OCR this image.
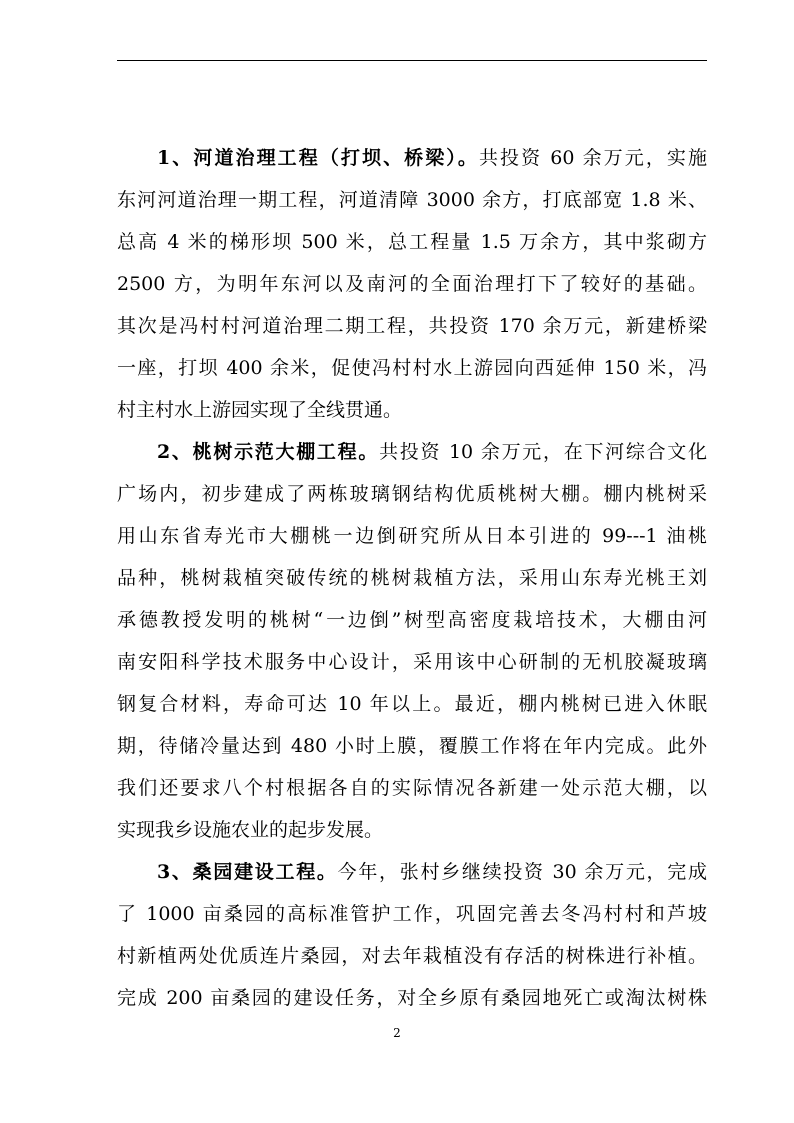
1、河道治理工程（打坝、桥梁）。共投资 60 余万元，实施
东河河道治理一期工程，河道清障 3000 余方，打底部宽 1.8 米、
总高 4 米的梯形坝 500 米，总工程量 1.5 万余方，其中浆砌方
2500 方，为明年东河以及南河的全面治理打下了较好的基础。
其次是冯村村河道治理二期工程，共投资 170 余万元，新建桥梁
一座，打坝 400 余米，促使冯村村水上游园向西延伸 150 米，冯
村主村水上游园实现了全线贯通。
2、桃树示范大棚工程。共投资 10 余万元，在下河综合文化
广场内，初步建成了两栋玻璃钢结构优质桃树大棚。棚内桃树采
用山东省寿光市大棚桃一边倒研究所从日本引进的 99---1 油桃
品种，桃树栽植突破传统的桃树栽植方法，采用山东寿光桃王刘
承德教授发明的桃树“一边倒”树型高密度栽培技术，大棚由河
南安阳科学技术服务中心设计，采用该中心研制的无机胶凝玻璃
钢复合材料，寿命可达 10 年以上。最近，棚内桃树已进入休眠
期，待储冷量达到 480 小时上膜，覆膜工作将在年内完成。此外
我们还要求八个村根据各自的实际情况各新建一处示范大棚，以
实现我乡设施农业的起步发展。
3、桑园建设工程。今年，张村乡继续投资 30 余万元，完成
了 1000 亩桑园的高标准管护工作，巩固完善去冬冯村村和芦坡
村新植两处优质连片桑园，对去年栽植没有存活的树株进行补植。
完成 200 亩桑园的建设任务，对全乡原有桑园地死亡或淘汰树株
2
